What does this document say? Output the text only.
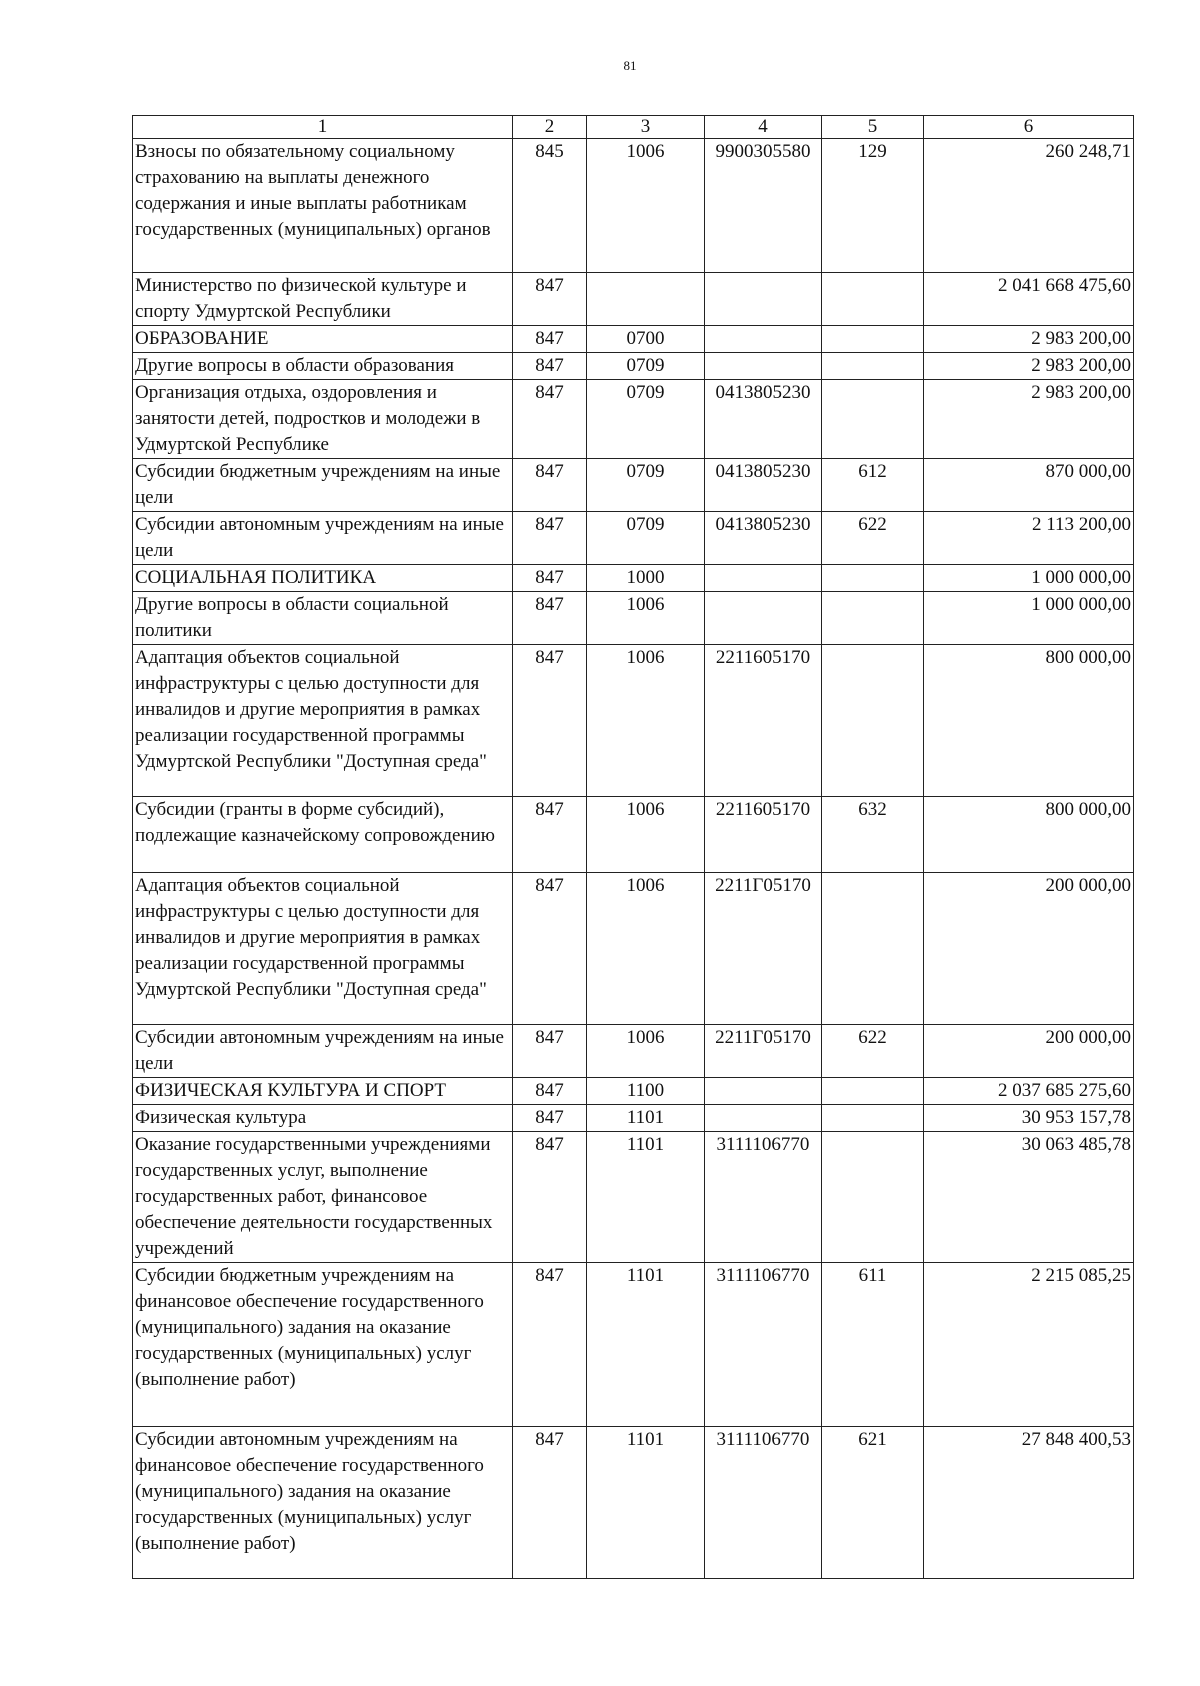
81
1	2	3	4	5	6
Взносы по обязательному социальному страхованию на выплаты денежного содержания и иные выплаты работникам государственных (муниципальных) органов	845	1006	9900305580	129	260 248,71
Министерство по физической культуре и спорту Удмуртской Республики	847				2 041 668 475,60
ОБРАЗОВАНИЕ	847	0700			2 983 200,00
Другие вопросы в области образования	847	0709			2 983 200,00
Организация отдыха, оздоровления и занятости детей, подростков и молодежи в Удмуртской Республике	847	0709	0413805230		2 983 200,00
Субсидии бюджетным учреждениям на иные цели	847	0709	0413805230	612	870 000,00
Субсидии автономным учреждениям на иные цели	847	0709	0413805230	622	2 113 200,00
СОЦИАЛЬНАЯ ПОЛИТИКА	847	1000			1 000 000,00
Другие вопросы в области социальной политики	847	1006			1 000 000,00
Адаптация объектов социальной инфраструктуры с целью доступности для инвалидов и другие мероприятия в рамках реализации государственной программы Удмуртской Республики "Доступная среда"	847	1006	2211605170		800 000,00
Субсидии (гранты в форме субсидий), подлежащие казначейскому сопровождению	847	1006	2211605170	632	800 000,00
Адаптация объектов социальной инфраструктуры с целью доступности для инвалидов и другие мероприятия в рамках реализации государственной программы Удмуртской Республики "Доступная среда"	847	1006	2211Г05170		200 000,00
Субсидии автономным учреждениям на иные цели	847	1006	2211Г05170	622	200 000,00
ФИЗИЧЕСКАЯ КУЛЬТУРА И СПОРТ	847	1100			2 037 685 275,60
Физическая культура	847	1101			30 953 157,78
Оказание государственными учреждениями государственных услуг, выполнение государственных работ, финансовое обеспечение деятельности государственных учреждений	847	1101	3111106770		30 063 485,78
Субсидии бюджетным учреждениям на финансовое обеспечение государственного (муниципального) задания на оказание государственных (муниципальных) услуг (выполнение работ)	847	1101	3111106770	611	2 215 085,25
Субсидии автономным учреждениям на финансовое обеспечение государственного (муниципального) задания на оказание государственных (муниципальных) услуг (выполнение работ)	847	1101	3111106770	621	27 848 400,53
